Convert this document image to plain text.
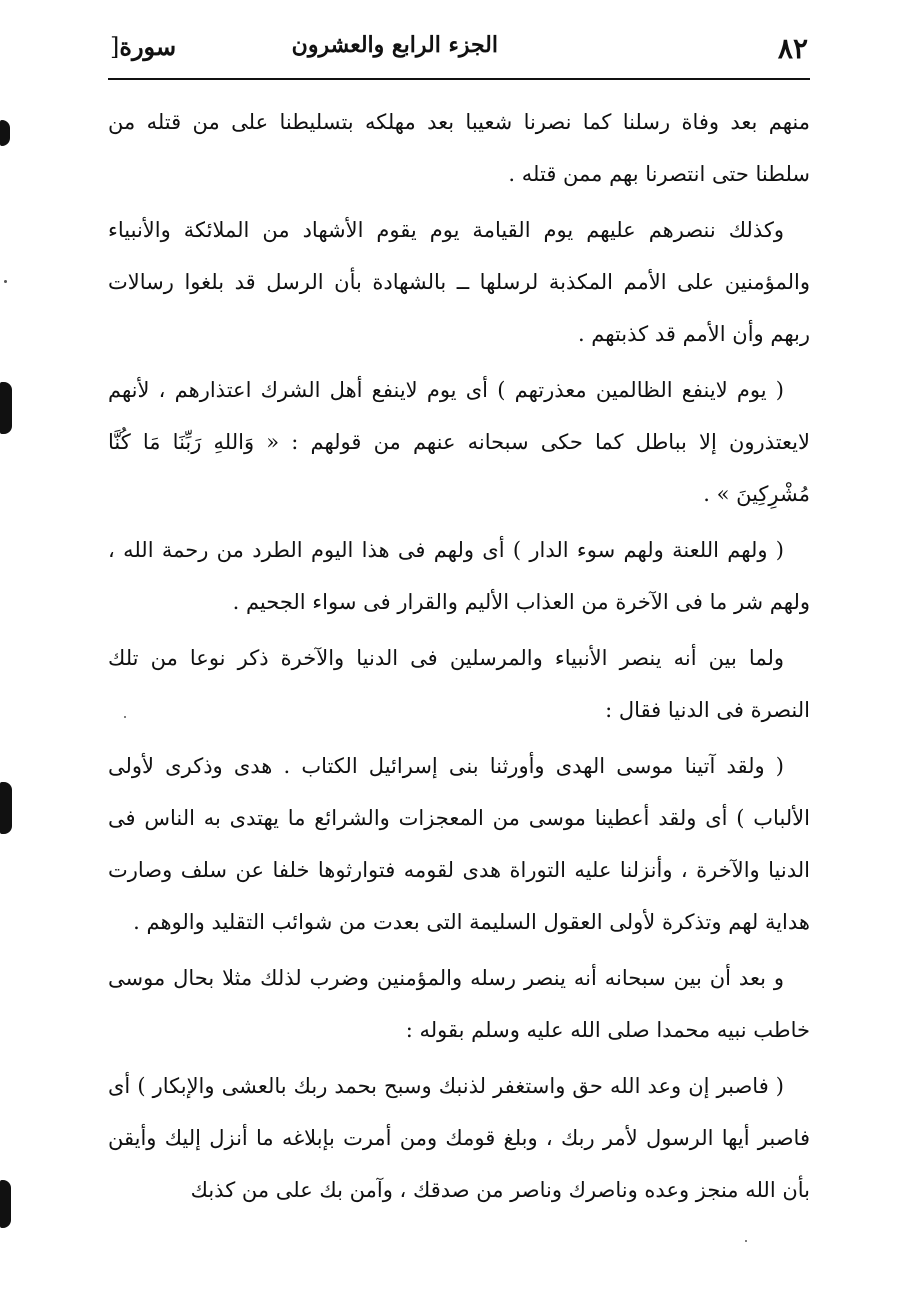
٨٢
الجزء الرابع والعشرون
سورة[

منهم بعد وفاة رسلنا كما نصرنا شعيبا بعد مهلكه بتسليطنا على من قتله من سلطنا حتى انتصرنا بهم ممن قتله .

وكذلك ننصرهم عليهم يوم القيامة يوم يقوم الأشهاد من الملائكة والأنبياء والمؤمنين على الأمم المكذبة لرسلها ــ بالشهادة بأن الرسل قد بلغوا رسالات ربهم وأن الأمم قد كذبتهم .

( يوم لاينفع الظالمين معذرتهم ) أى يوم لاينفع أهل الشرك اعتذارهم ، لأنهم لايعتذرون إلا بباطل كما حكى سبحانه عنهم من قولهم : « وَاللهِ رَبِّنَا مَا كُنَّا مُشْرِكِينَ » .

( ولهم اللعنة ولهم سوء الدار ) أى ولهم فى هذا اليوم الطرد من رحمة الله ، ولهم شر ما فى الآخرة من العذاب الأليم والقرار فى سواء الجحيم .

ولما بين أنه ينصر الأنبياء والمرسلين فى الدنيا والآخرة ذكر نوعا من تلك النصرة فى الدنيا فقال :

( ولقد آتينا موسى الهدى وأورثنا بنى إسرائيل الكتاب . هدى وذكرى لأولى الألباب ) أى ولقد أعطينا موسى من المعجزات والشرائع ما يهتدى به الناس فى الدنيا والآخرة ، وأنزلنا عليه التوراة هدى لقومه فتوارثوها خلفا عن سلف وصارت هداية لهم وتذكرة لأولى العقول السليمة التى بعدت من شوائب التقليد والوهم .

و بعد أن بين سبحانه أنه ينصر رسله والمؤمنين وضرب لذلك مثلا بحال موسى خاطب نبيه محمدا صلى الله عليه وسلم بقوله :

( فاصبر إن وعد الله حق واستغفر لذنبك وسبح بحمد ربك بالعشى والإبكار ) أى فاصبر أيها الرسول لأمر ربك ، وبلغ قومك ومن أمرت بإبلاغه ما أنزل إليك وأيقن بأن الله منجز وعده وناصرك وناصر من صدقك ، وآمن بك على من كذبك
